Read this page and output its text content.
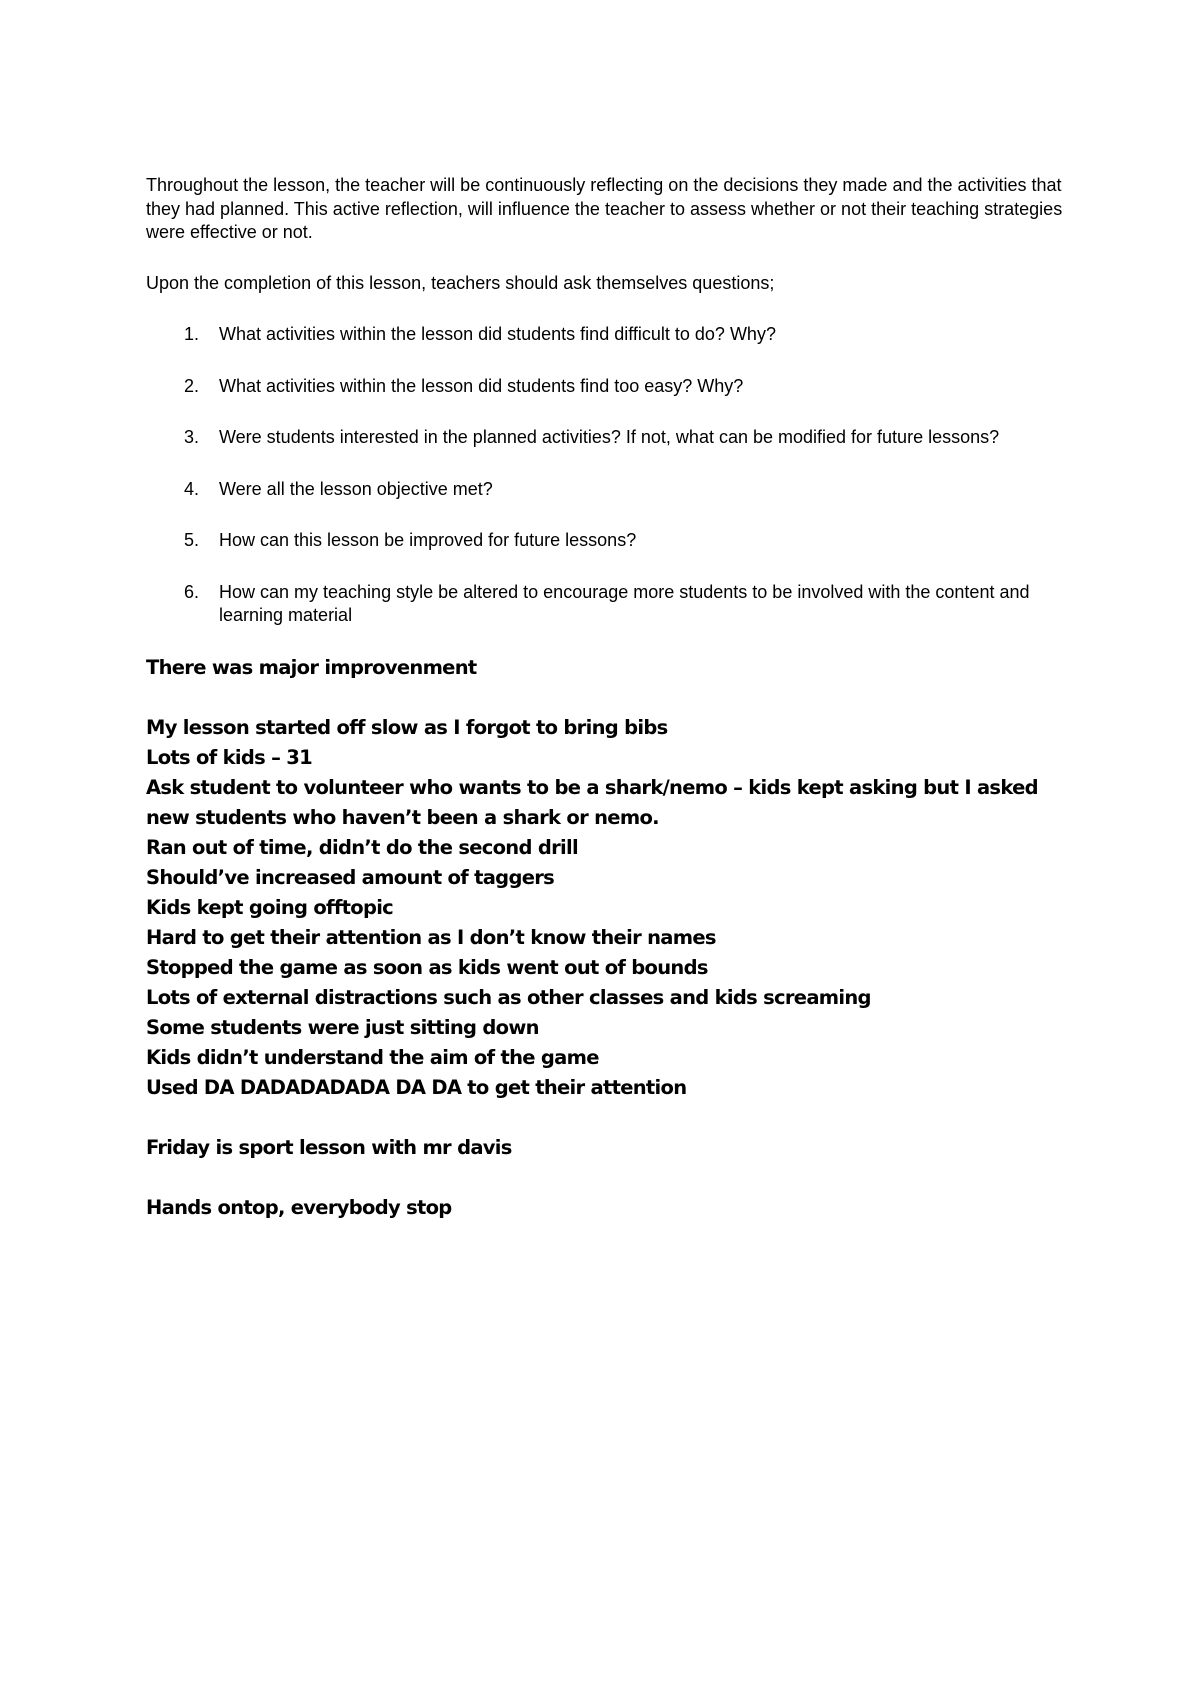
Throughout the lesson, the teacher will be continuously reflecting on the decisions they made and the activities that they had planned. This active reflection, will influence the teacher to assess whether or not their teaching strategies were effective or not.

Upon the completion of this lesson, teachers should ask themselves questions;

1. What activities within the lesson did students find difficult to do? Why?
2. What activities within the lesson did students find too easy? Why?
3. Were students interested in the planned activities? If not, what can be modified for future lessons?
4. Were all the lesson objective met?
5. How can this lesson be improved for future lessons?
6. How can my teaching style be altered to encourage more students to be involved with the content and learning material
There was major improvenment
My lesson started off slow as I forgot to bring bibs
Lots of kids – 31
Ask student to volunteer who wants to be a shark/nemo – kids kept asking but I asked new students who haven’t been a shark or nemo.
Ran out of time, didn’t do the second drill
Should’ve increased amount of taggers
Kids kept going offtopic
Hard to get their attention as I don’t know their names
Stopped the game as soon as kids went out of bounds
Lots of external distractions such as other classes and kids screaming
Some students were just sitting down
Kids didn’t understand the aim of the game
Used DA DADADADADA DA DA to get their attention
Friday is sport lesson with mr davis
Hands ontop, everybody stop
